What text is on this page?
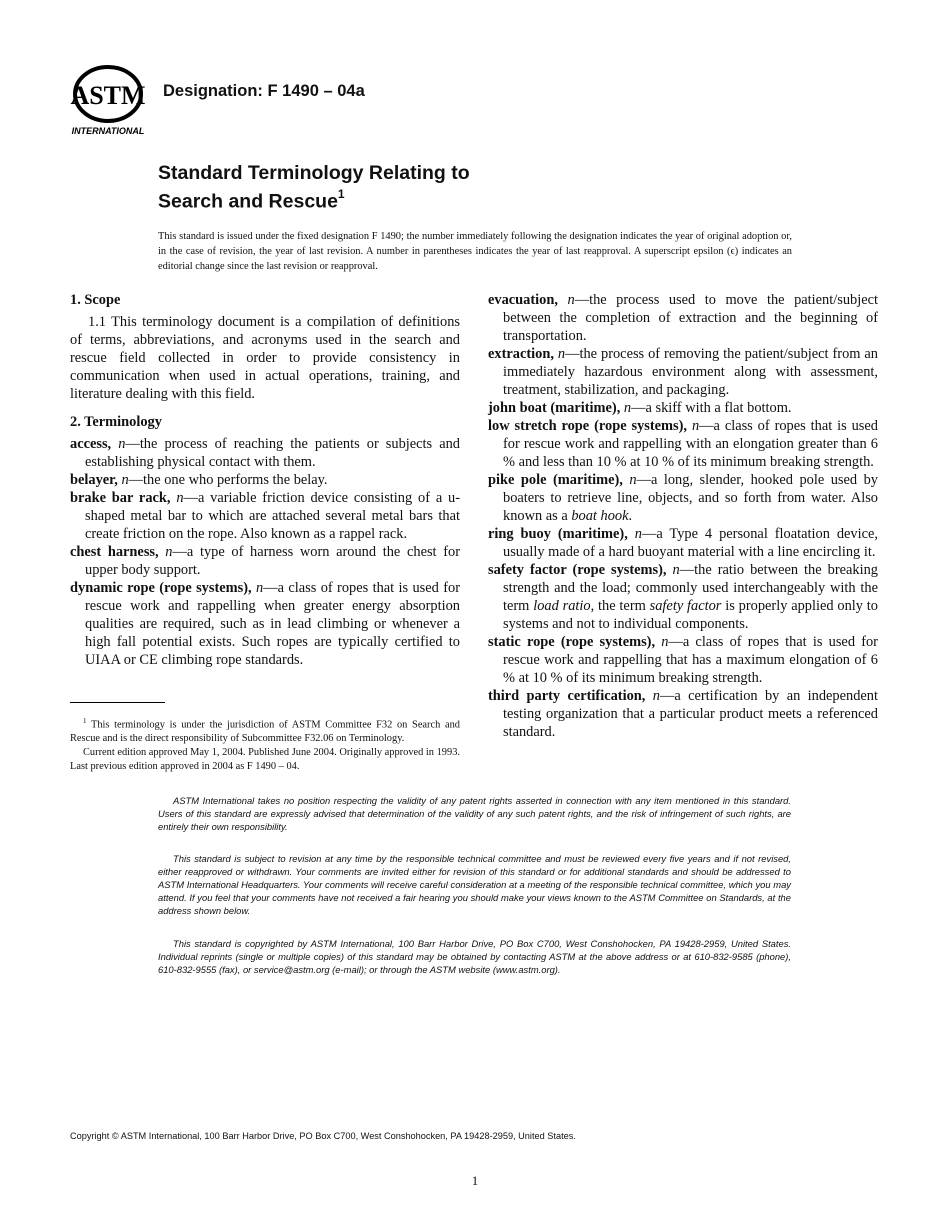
ASTM
INTERNATIONAL
Designation: F 1490 – 04a
Standard Terminology Relating to
Search and Rescue$^1$
This standard is issued under the fixed designation F 1490; the number immediately following the designation indicates the year of original adoption or, in the case of revision, the year of last revision. A number in parentheses indicates the year of last reapproval. A superscript epsilon (ϵ) indicates an editorial change since the last revision or reapproval.
1. Scope

1.1 This terminology document is a compilation of definitions of terms, abbreviations, and acronyms used in the search and rescue field collected in order to provide consistency in communication when used in actual operations, training, and literature dealing with this field.

2. Terminology

access, n—the process of reaching the patients or subjects and establishing physical contact with them.

belayer, n—the one who performs the belay.

brake bar rack, n—a variable friction device consisting of a u-shaped metal bar to which are attached several metal bars that create friction on the rope. Also known as a rappel rack.

chest harness, n—a type of harness worn around the chest for upper body support.

dynamic rope (rope systems), n—a class of ropes that is used for rescue work and rappelling when greater energy absorption qualities are required, such as in lead climbing or whenever a high fall potential exists. Such ropes are typically certified to UIAA or CE climbing rope standards.

evacuation, n—the process used to move the patient/subject between the completion of extraction and the beginning of transportation.

extraction, n—the process of removing the patient/subject from an immediately hazardous environment along with assessment, treatment, stabilization, and packaging.

john boat (maritime), n—a skiff with a flat bottom.

low stretch rope (rope systems), n—a class of ropes that is used for rescue work and rappelling with an elongation greater than 6 % and less than 10 % at 10 % of its minimum breaking strength.

pike pole (maritime), n—a long, slender, hooked pole used by boaters to retrieve line, objects, and so forth from water. Also known as a boat hook.

ring buoy (maritime), n—a Type 4 personal floatation device, usually made of a hard buoyant material with a line encircling it.

safety factor (rope systems), n—the ratio between the breaking strength and the load; commonly used interchangeably with the term load ratio, the term safety factor is properly applied only to systems and not to individual components.

static rope (rope systems), n—a class of ropes that is used for rescue work and rappelling that has a maximum elongation of 6 % at 10 % of its minimum breaking strength.

third party certification, n—a certification by an independent testing organization that a particular product meets a referenced standard.

$^1$ This terminology is under the jurisdiction of ASTM Committee F32 on Search and Rescue and is the direct responsibility of Subcommittee F32.06 on Terminology.

Current edition approved May 1, 2004. Published June 2004. Originally approved in 1993. Last previous edition approved in 2004 as F 1490 – 04.

ASTM International takes no position respecting the validity of any patent rights asserted in connection with any item mentioned in this standard. Users of this standard are expressly advised that determination of the validity of any such patent rights, and the risk of infringement of such rights, are entirely their own responsibility.

This standard is subject to revision at any time by the responsible technical committee and must be reviewed every five years and if not revised, either reapproved or withdrawn. Your comments are invited either for revision of this standard or for additional standards and should be addressed to ASTM International Headquarters. Your comments will receive careful consideration at a meeting of the responsible technical committee, which you may attend. If you feel that your comments have not received a fair hearing you should make your views known to the ASTM Committee on Standards, at the address shown below.

This standard is copyrighted by ASTM International, 100 Barr Harbor Drive, PO Box C700, West Conshohocken, PA 19428-2959, United States. Individual reprints (single or multiple copies) of this standard may be obtained by contacting ASTM at the above address or at 610-832-9585 (phone), 610-832-9555 (fax), or service@astm.org (e-mail); or through the ASTM website (www.astm.org).

Copyright © ASTM International, 100 Barr Harbor Drive, PO Box C700, West Conshohocken, PA 19428-2959, United States.
1
